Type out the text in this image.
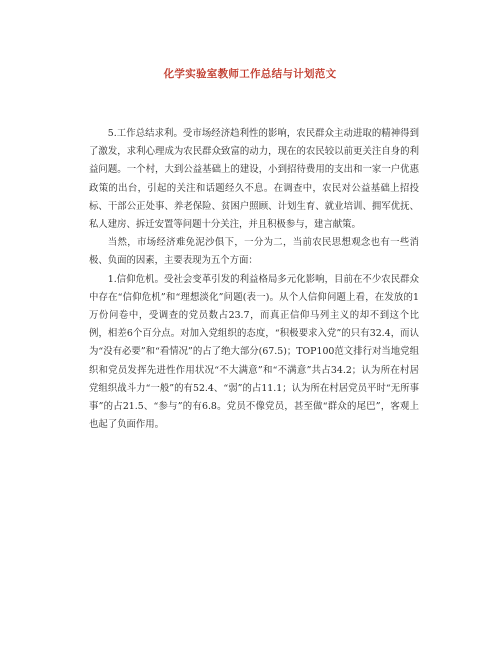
化学实验室教师工作总结与计划范文

5.工作总结求利。受市场经济趋利性的影响，农民群众主动进取的精神得到了激发，求利心理成为农民群众致富的动力，现在的农民较以前更关注自身的利益问题。一个村，大到公益基础上的建设，小到招待费用的支出和一家一户优惠政策的出台，引起的关注和话题经久不息。在调查中，农民对公益基础上招投标、干部公正处事、养老保险、贫困户照顾、计划生育、就业培训、拥军优抚、私人建房、拆迁安置等问题十分关注，并且积极参与，建言献策。

当然，市场经济难免泥沙俱下，一分为二，当前农民思想观念也有一些消极、负面的因素，主要表现为五个方面：

1.信仰危机。受社会变革引发的利益格局多元化影响，目前在不少农民群众中存在“信仰危机”和“理想淡化”问题(表一)。从个人信仰问题上看，在发放的1万份问卷中，受调查的党员数占23.7，而真正信仰马列主义的却不到这个比例，相差6个百分点。对加入党组织的态度，“积极要求入党”的只有32.4，而认为“没有必要”和“看情况”的占了绝大部分(67.5)；TOP100范文排行对当地党组织和党员发挥先进性作用状况“不大满意”和“不满意”共占34.2；认为所在村居党组织战斗力“一般”的有52.4、“弱”的占11.1；认为所在村居党员平时“无所事事”的占21.5、“参与”的有6.8。党员不像党员，甚至做“群众的尾巴”，客观上也起了负面作用。
